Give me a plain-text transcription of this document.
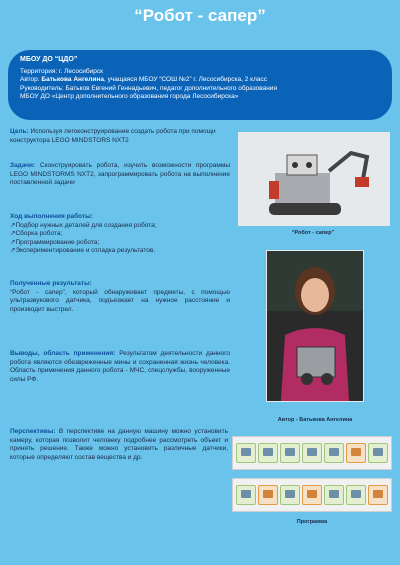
“Робот - сапер”
МБОУ ДО “ЦДО”
Территория: г. Лесосибирск
Автор: Батькова Ангелина, учащаяся МБОУ “СОШ №2” г. Лесосибирска, 2 класс
Руководитель: Батьков Евгений Геннадьевич, педагог дополнительного образования
МБОУ ДО «Центр дополнительного образования города Лесосибирска»
Цель: Используя легоконструирование создать робота при помощи конструктора LEGO MINDSTORS NXT2
Задачи: Сконструировать робота, изучить возможности программы LEGO MINDSTORMS NXT2, запрограммировать робота на выполнение поставленной задачи
Ход выполнения работы:
↗Подбор нужных деталей для создания робота;
↗Сборка робота;
↗Программирование робота;
↗Экспериментирование и отладка результатов.
Полученные результаты:
“Робот - сапер”, который обнаруживает предметы, с помощью ультразвукового датчика, подъезжает на нужное расстояние и производит выстрел.
Выводы, область применения: Результатом деятельности данного робота являются обезвреженные мины и сохраненная жизнь человека. Область применения данного робота - МЧС, спецслужбы, вооруженные силы РФ.
Перспективы: В перспективе на данную машину можно установить камеру, которая позволит человеку подробнее рассмотреть объект и принять решение. Также можно установить различные датчики, которые определяют состав вещества и др.
“Робот - сапер”
Автор - Батькова Ангелина
Программа
